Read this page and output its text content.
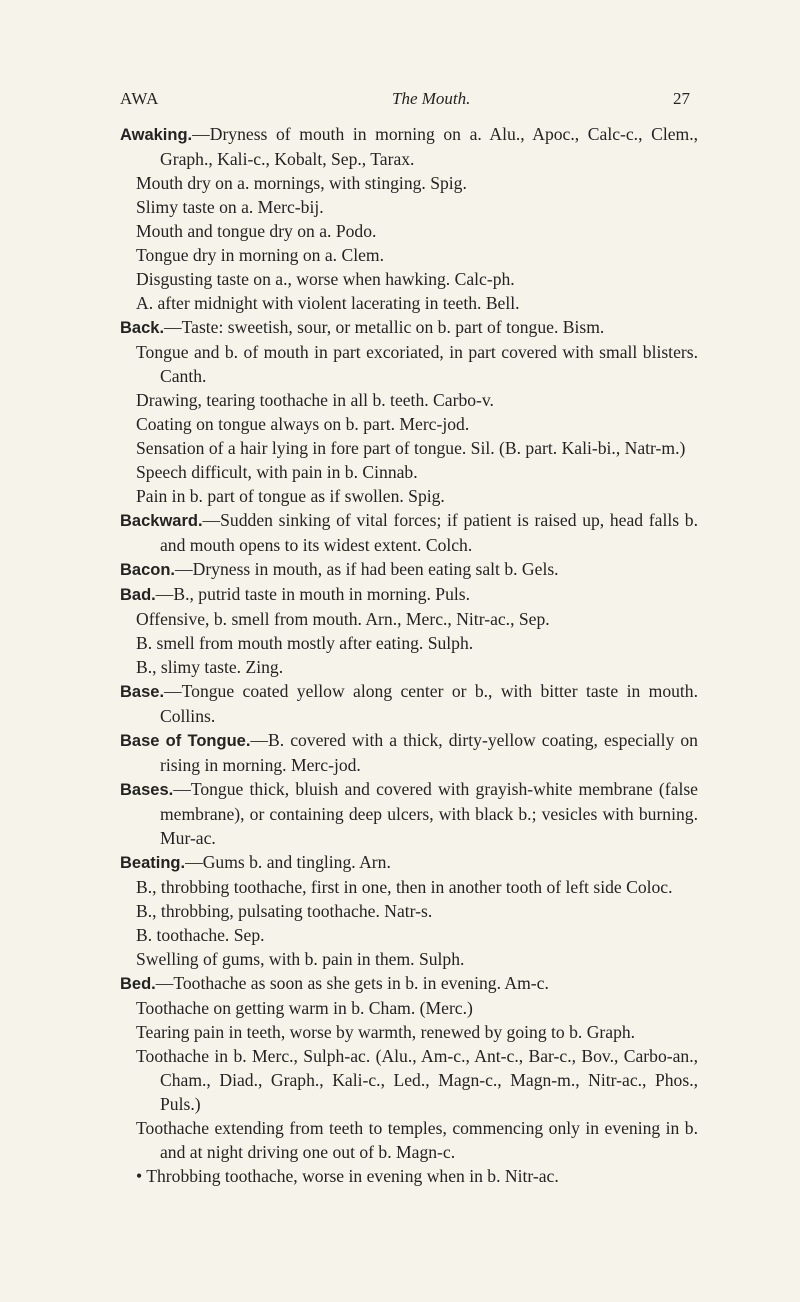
AWA	The Mouth.	27

Awaking.—Dryness of mouth in morning on a. Alu., Apoc., Calc-c., Clem., Graph., Kali-c., Kobalt, Sep., Tarax.

Mouth dry on a. mornings, with stinging. Spig.

Slimy taste on a. Merc-bij.

Mouth and tongue dry on a. Podo.

Tongue dry in morning on a. Clem.

Disgusting taste on a., worse when hawking. Calc-ph.

A. after midnight with violent lacerating in teeth. Bell.

Back.—Taste: sweetish, sour, or metallic on b. part of tongue. Bism.

Tongue and b. of mouth in part excoriated, in part covered with small blisters. Canth.

Drawing, tearing toothache in all b. teeth. Carbo-v.

Coating on tongue always on b. part. Merc-jod.

Sensation of a hair lying in fore part of tongue. Sil. (B. part. Kali-bi., Natr-m.)

Speech difficult, with pain in b. Cinnab.

Pain in b. part of tongue as if swollen. Spig.

Backward.—Sudden sinking of vital forces; if patient is raised up, head falls b. and mouth opens to its widest extent. Colch.

Bacon.—Dryness in mouth, as if had been eating salt b. Gels.

Bad.—B., putrid taste in mouth in morning. Puls.

Offensive, b. smell from mouth. Arn., Merc., Nitr-ac., Sep.

B. smell from mouth mostly after eating. Sulph.

B., slimy taste. Zing.

Base.—Tongue coated yellow along center or b., with bitter taste in mouth. Collins.

Base of Tongue.—B. covered with a thick, dirty-yellow coating, especially on rising in morning. Merc-jod.

Bases.—Tongue thick, bluish and covered with grayish-white membrane (false membrane), or containing deep ulcers, with black b.; vesicles with burning. Mur-ac.

Beating.—Gums b. and tingling. Arn.

B., throbbing toothache, first in one, then in another tooth of left side Coloc.

B., throbbing, pulsating toothache. Natr-s.

B. toothache. Sep.

Swelling of gums, with b. pain in them. Sulph.

Bed.—Toothache as soon as she gets in b. in evening. Am-c.

Toothache on getting warm in b. Cham. (Merc.)

Tearing pain in teeth, worse by warmth, renewed by going to b. Graph.

Toothache in b. Merc., Sulph-ac. (Alu., Am-c., Ant-c., Bar-c., Bov., Carbo-an., Cham., Diad., Graph., Kali-c., Led., Magn-c., Magn-m., Nitr-ac., Phos., Puls.)

Toothache extending from teeth to temples, commencing only in evening in b. and at night driving one out of b. Magn-c.

• Throbbing toothache, worse in evening when in b. Nitr-ac.
